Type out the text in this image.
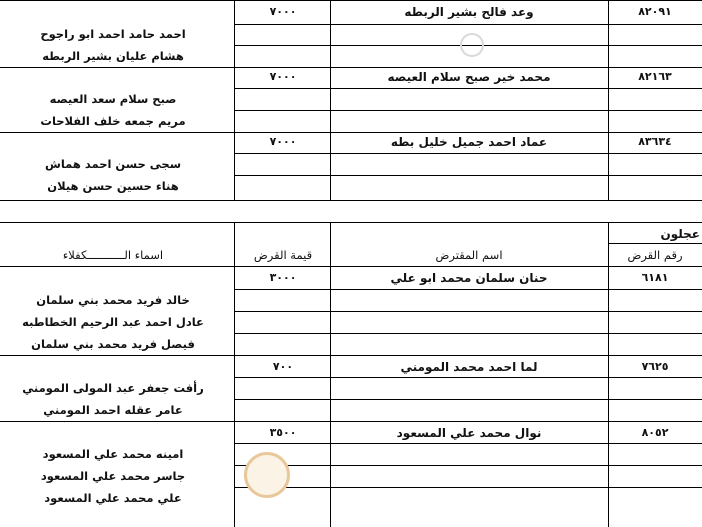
٨٢٠٩١
وعد فالح بشير الربطه
٧٠٠٠
احمد حامد احمد ابو راجوح
هشام عليان بشير الربطه
٨٢١٦٣
محمد خير صبح سلام العيصه
٧٠٠٠
صبح سلام سعد العيصه
مريم جمعه خلف الفلاحات
٨٣٦٣٤
عماد احمد جميل خليل بطه
٧٠٠٠
سجى حسن احمد هماش
هناء حسين حسن هيلان
عجلون
رقم القرض
اسم المقترض
قيمة القرض
اسماء الـــــــــــكفلاء
٦١٨١
حنان سلمان محمد ابو علي
٣٠٠٠
خالد فريد محمد بني سلمان
عادل احمد عبد الرحيم الخطاطبه
فيصل فريد محمد بني سلمان
٧٦٢٥
لما احمد محمد المومني
٧٠٠
رأفت جعفر عبد المولى المومني
عامر عقله احمد المومني
٨٠٥٢
نوال محمد علي المسعود
٣٥٠٠
امينه محمد علي المسعود
جاسر محمد علي المسعود
علي محمد علي المسعود
